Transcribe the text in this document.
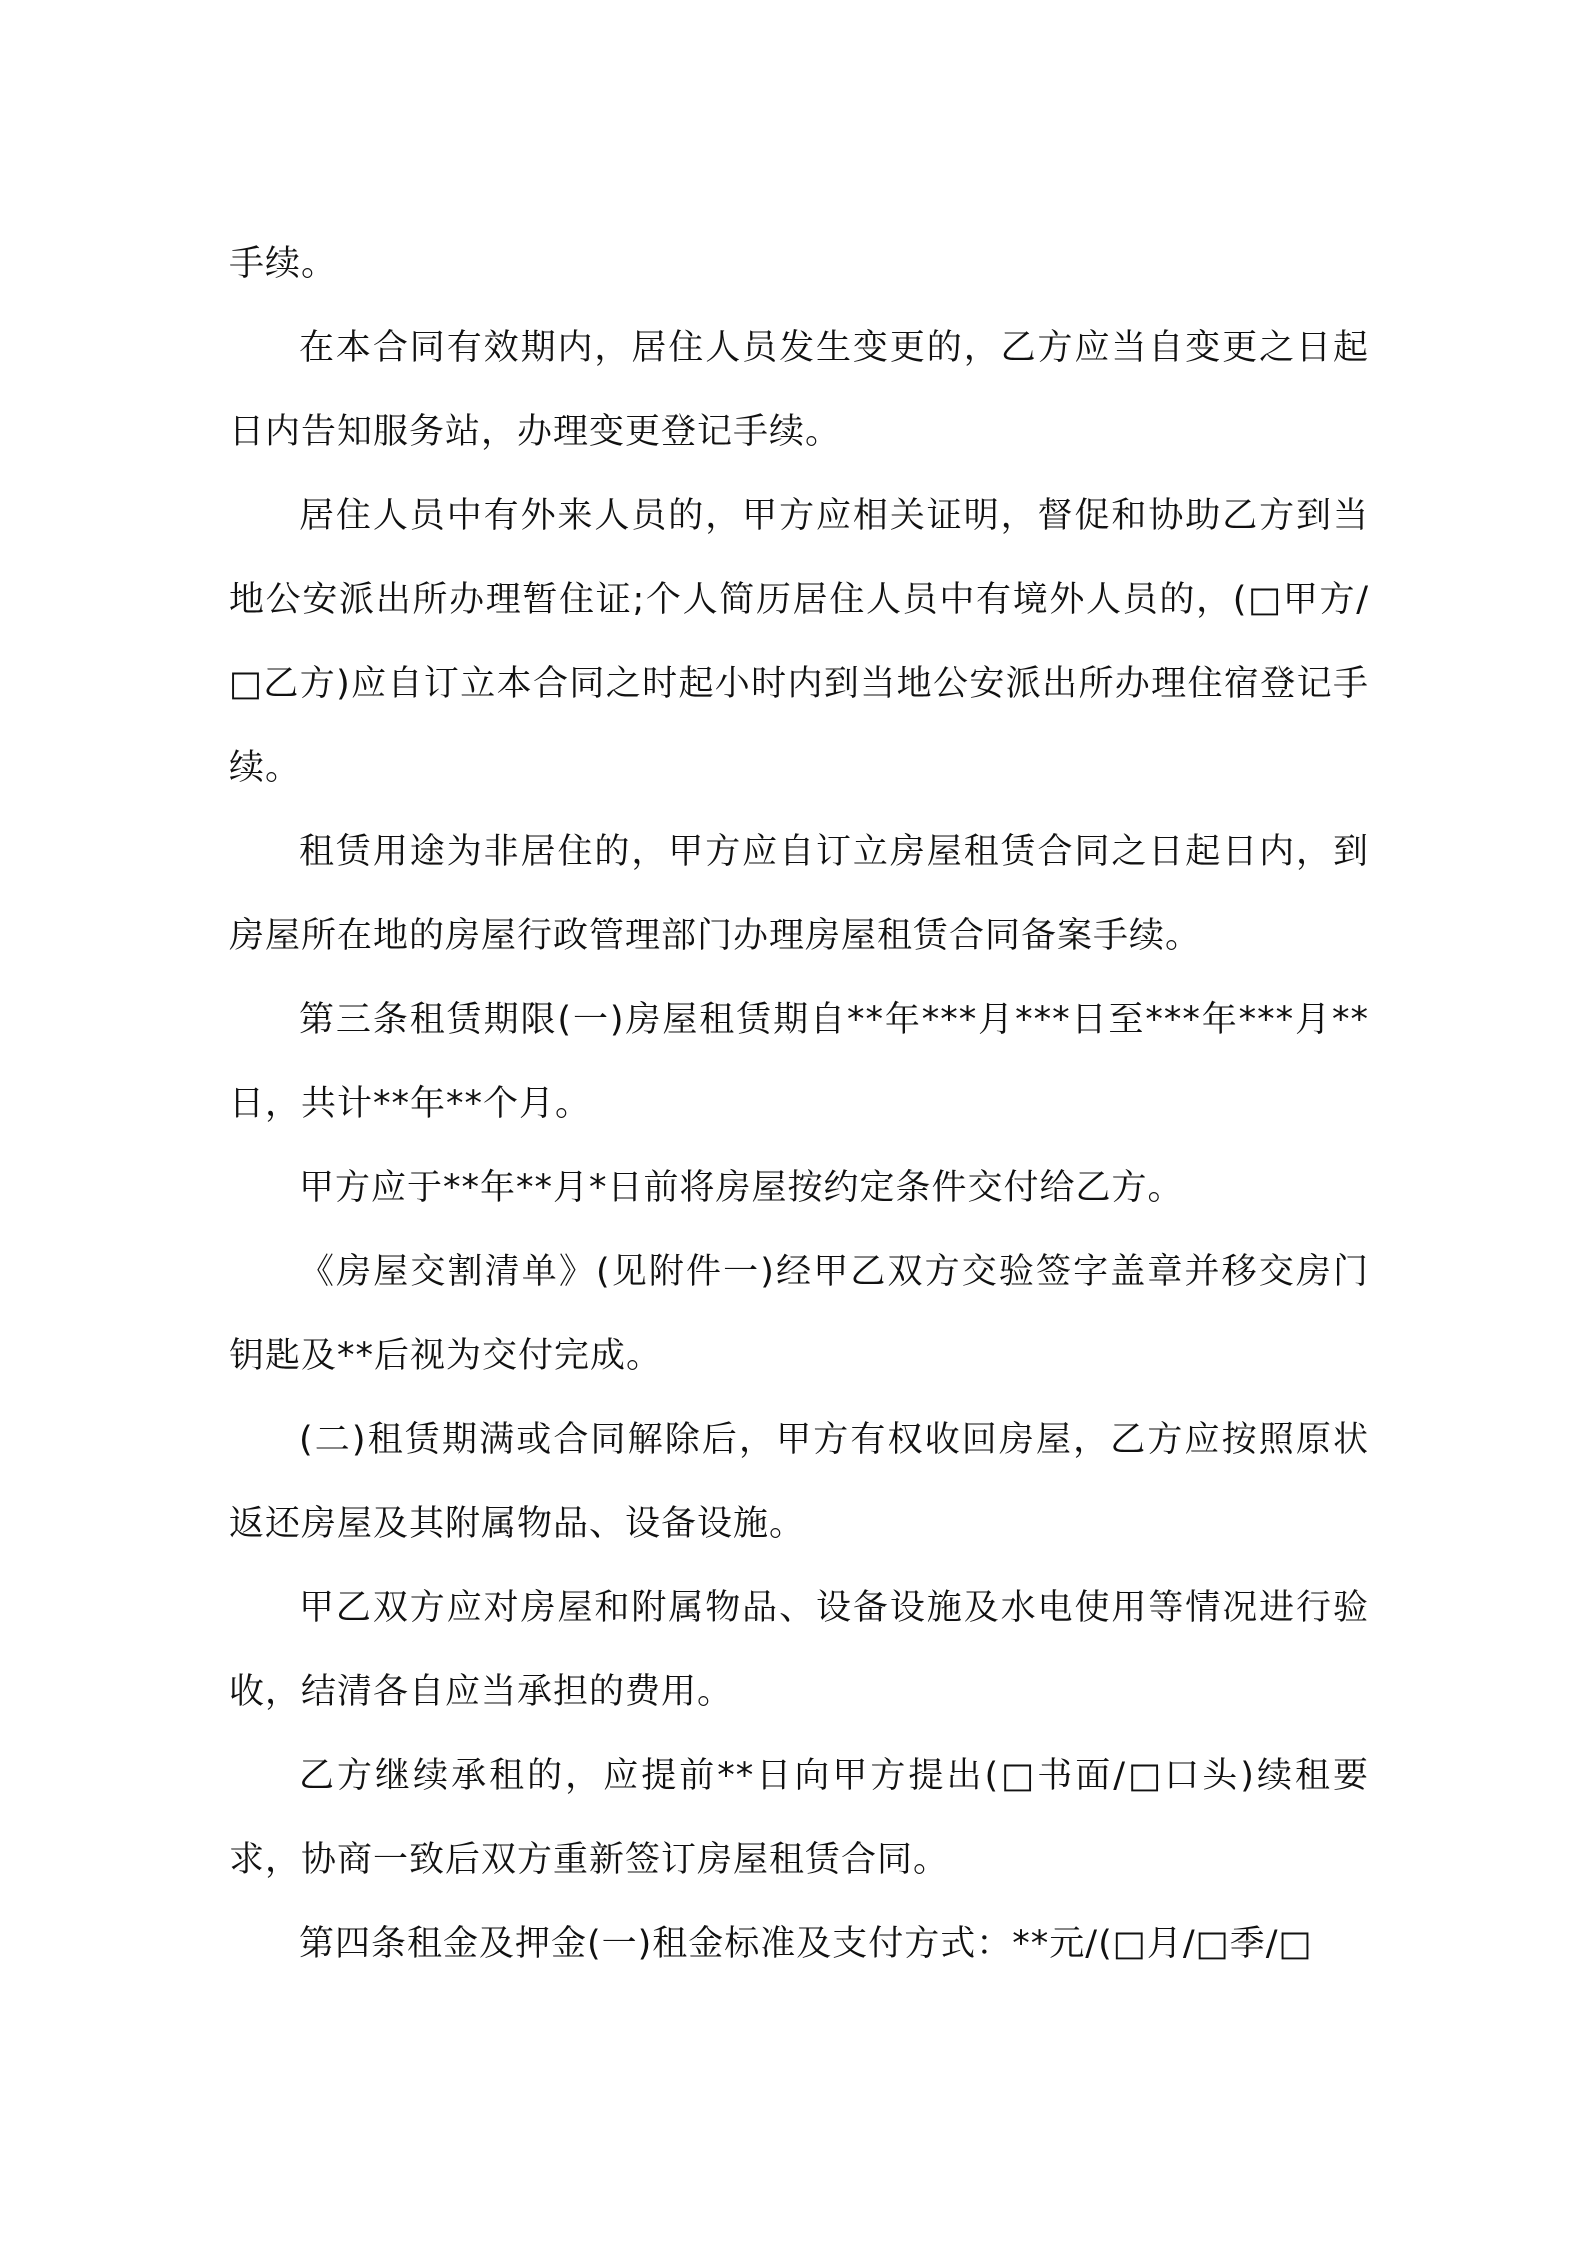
手续。

在本合同有效期内，居住人员发生变更的，乙方应当自变更之日起日内告知服务站，办理变更登记手续。

居住人员中有外来人员的，甲方应相关证明，督促和协助乙方到当地公安派出所办理暂住证;个人简历居住人员中有境外人员的，(□甲方/□乙方)应自订立本合同之时起小时内到当地公安派出所办理住宿登记手续。

租赁用途为非居住的，甲方应自订立房屋租赁合同之日起日内，到房屋所在地的房屋行政管理部门办理房屋租赁合同备案手续。

第三条租赁期限(一)房屋租赁期自**年***月***日至***年***月**日，共计**年**个月。

甲方应于**年**月*日前将房屋按约定条件交付给乙方。

《房屋交割清单》(见附件一)经甲乙双方交验签字盖章并移交房门钥匙及**后视为交付完成。

(二)租赁期满或合同解除后，甲方有权收回房屋，乙方应按照原状返还房屋及其附属物品、设备设施。

甲乙双方应对房屋和附属物品、设备设施及水电使用等情况进行验收，结清各自应当承担的费用。

乙方继续承租的，应提前**日向甲方提出(□书面/□口头)续租要求，协商一致后双方重新签订房屋租赁合同。

第四条租金及押金(一)租金标准及支付方式：**元/(□月/□季/□
